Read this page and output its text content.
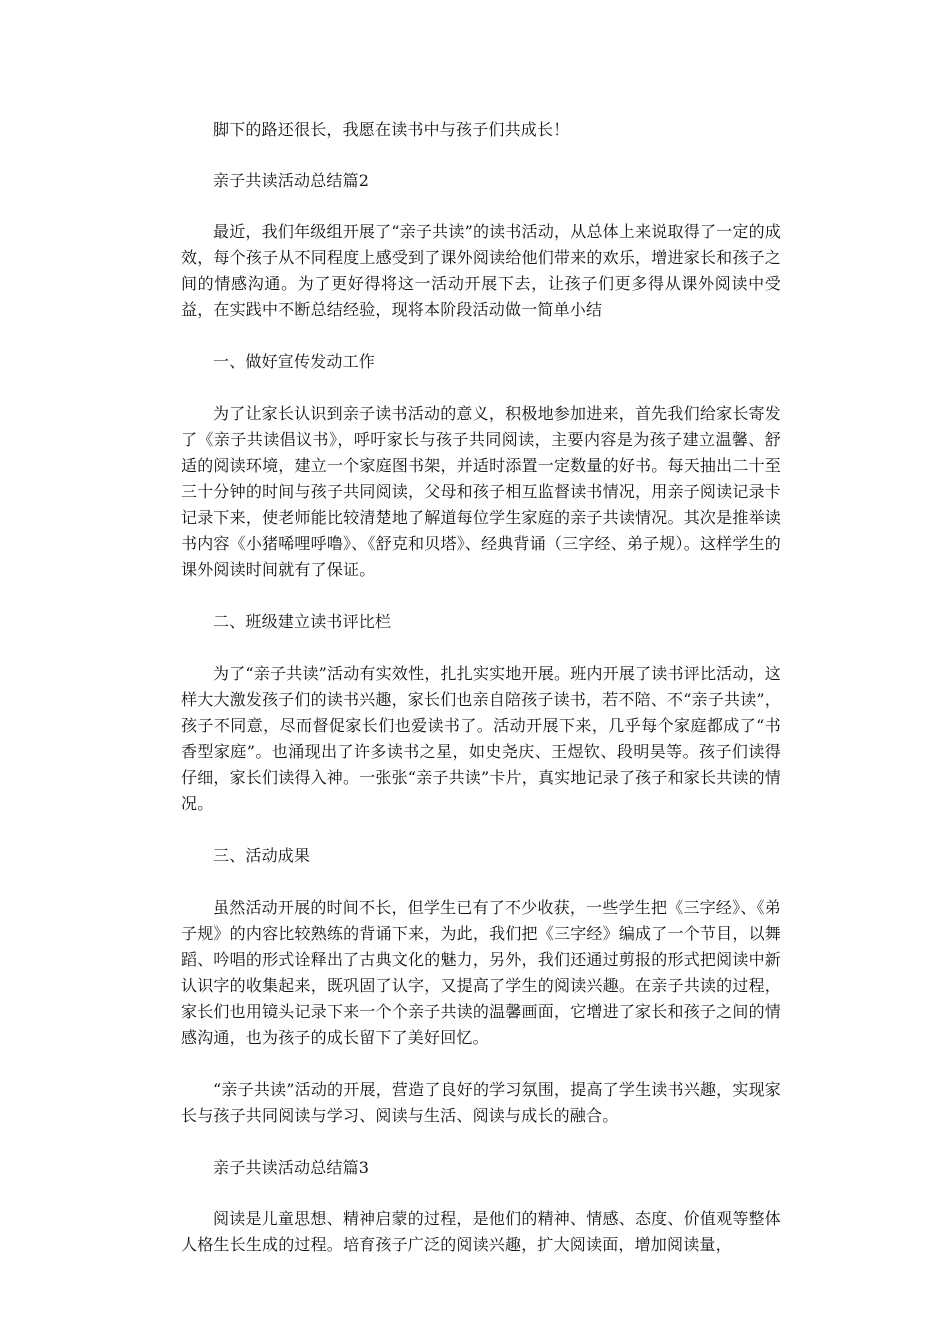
脚下的路还很长，我愿在读书中与孩子们共成长！

亲子共读活动总结篇2

最近，我们年级组开展了“亲子共读”的读书活动，从总体上来说取得了一定的成效，每个孩子从不同程度上感受到了课外阅读给他们带来的欢乐，增进家长和孩子之间的情感沟通。为了更好得将这一活动开展下去，让孩子们更多得从课外阅读中受益，在实践中不断总结经验，现将本阶段活动做一简单小结

一、做好宣传发动工作

为了让家长认识到亲子读书活动的意义，积极地参加进来，首先我们给家长寄发了《亲子共读倡议书》，呼吁家长与孩子共同阅读，主要内容是为孩子建立温馨、舒适的阅读环境，建立一个家庭图书架，并适时添置一定数量的好书。每天抽出二十至三十分钟的时间与孩子共同阅读，父母和孩子相互监督读书情况，用亲子阅读记录卡记录下来，使老师能比较清楚地了解道每位学生家庭的亲子共读情况。其次是推举读书内容《小猪唏哩呼噜》、《舒克和贝塔》、经典背诵（三字经、弟子规）。这样学生的课外阅读时间就有了保证。

二、班级建立读书评比栏

为了“亲子共读”活动有实效性，扎扎实实地开展。班内开展了读书评比活动，这样大大激发孩子们的读书兴趣，家长们也亲自陪孩子读书，若不陪、不“亲子共读”，孩子不同意，尽而督促家长们也爱读书了。活动开展下来，几乎每个家庭都成了“书香型家庭”。也涌现出了许多读书之星，如史尧庆、王煜钦、段明昊等。孩子们读得仔细，家长们读得入神。一张张“亲子共读”卡片，真实地记录了孩子和家长共读的情况。

三、活动成果

虽然活动开展的时间不长，但学生已有了不少收获，一些学生把《三字经》、《弟子规》的内容比较熟练的背诵下来，为此，我们把《三字经》编成了一个节目，以舞蹈、吟唱的形式诠释出了古典文化的魅力，另外，我们还通过剪报的形式把阅读中新认识字的收集起来，既巩固了认字，又提高了学生的阅读兴趣。在亲子共读的过程，家长们也用镜头记录下来一个个亲子共读的温馨画面，它增进了家长和孩子之间的情感沟通，也为孩子的成长留下了美好回忆。

“亲子共读”活动的开展，营造了良好的学习氛围，提高了学生读书兴趣，实现家长与孩子共同阅读与学习、阅读与生活、阅读与成长的融合。

亲子共读活动总结篇3

阅读是儿童思想、精神启蒙的过程，是他们的精神、情感、态度、价值观等整体人格生长生成的过程。培育孩子广泛的阅读兴趣，扩大阅读面，增加阅读量，
